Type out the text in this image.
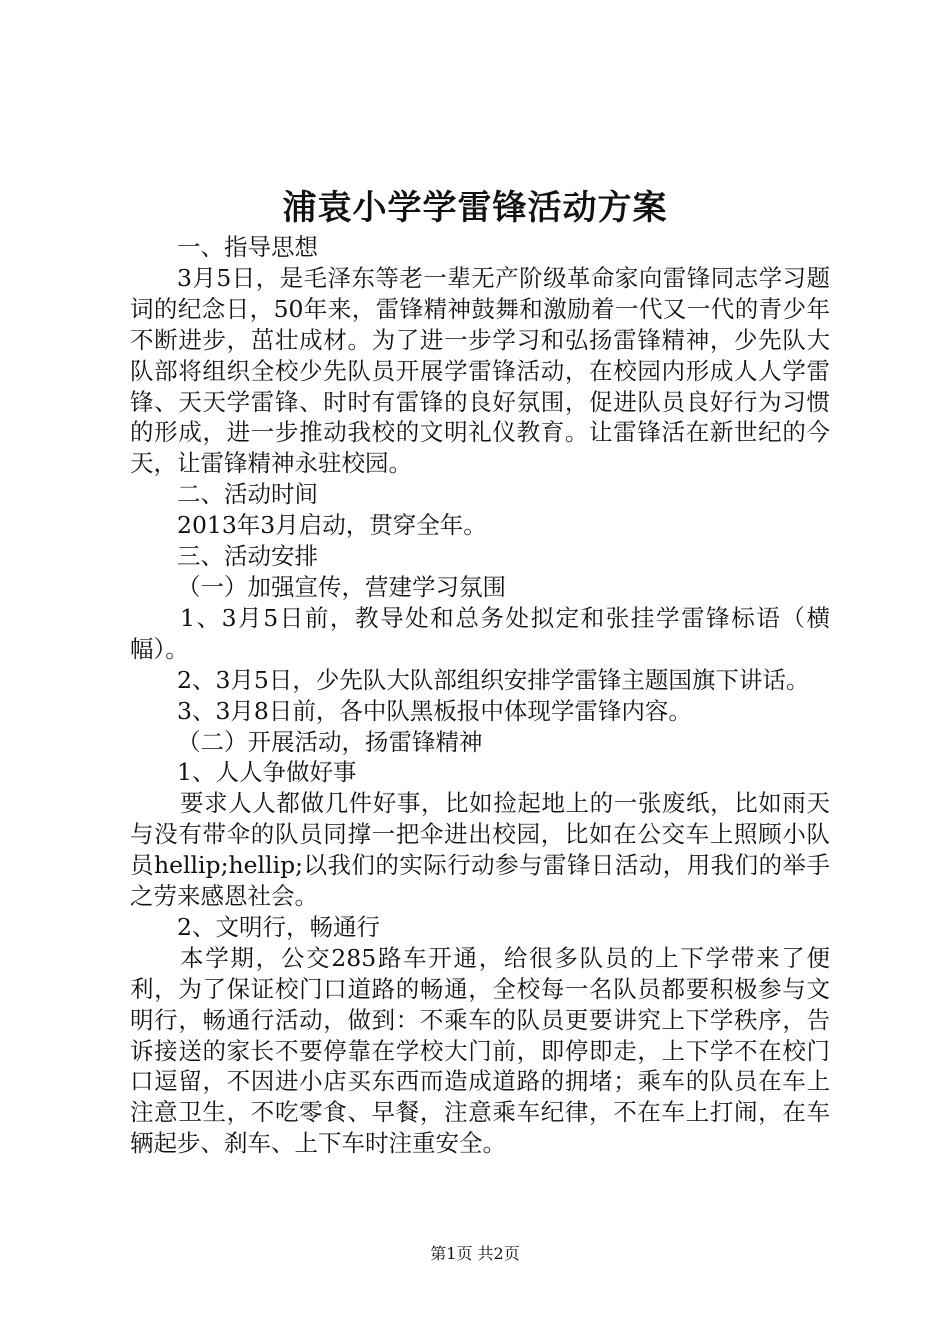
浦袁小学学雷锋活动方案

一、指导思想

3月5日，是毛泽东等老一辈无产阶级革命家向雷锋同志学习题词的纪念日，50年来，雷锋精神鼓舞和激励着一代又一代的青少年不断进步，茁壮成材。为了进一步学习和弘扬雷锋精神，少先队大队部将组织全校少先队员开展学雷锋活动，在校园内形成人人学雷锋、天天学雷锋、时时有雷锋的良好氛围，促进队员良好行为习惯的形成，进一步推动我校的文明礼仪教育。让雷锋活在新世纪的今天，让雷锋精神永驻校园。

二、活动时间

2013年3月启动，贯穿全年。

三、活动安排

（一）加强宣传，营建学习氛围

1、3月5日前，教导处和总务处拟定和张挂学雷锋标语（横幅）。

2、3月5日，少先队大队部组织安排学雷锋主题国旗下讲话。

3、3月8日前，各中队黑板报中体现学雷锋内容。

（二）开展活动，扬雷锋精神

1、人人争做好事

要求人人都做几件好事，比如捡起地上的一张废纸，比如雨天与没有带伞的队员同撑一把伞进出校园，比如在公交车上照顾小队员hellip;hellip;以我们的实际行动参与雷锋日活动，用我们的举手之劳来感恩社会。

2、文明行，畅通行

本学期，公交285路车开通，给很多队员的上下学带来了便利，为了保证校门口道路的畅通，全校每一名队员都要积极参与文明行，畅通行活动，做到：不乘车的队员更要讲究上下学秩序，告诉接送的家长不要停靠在学校大门前，即停即走，上下学不在校门口逗留，不因进小店买东西而造成道路的拥堵；乘车的队员在车上注意卫生，不吃零食、早餐，注意乘车纪律，不在车上打闹，在车辆起步、刹车、上下车时注重安全。

第1页 共2页
